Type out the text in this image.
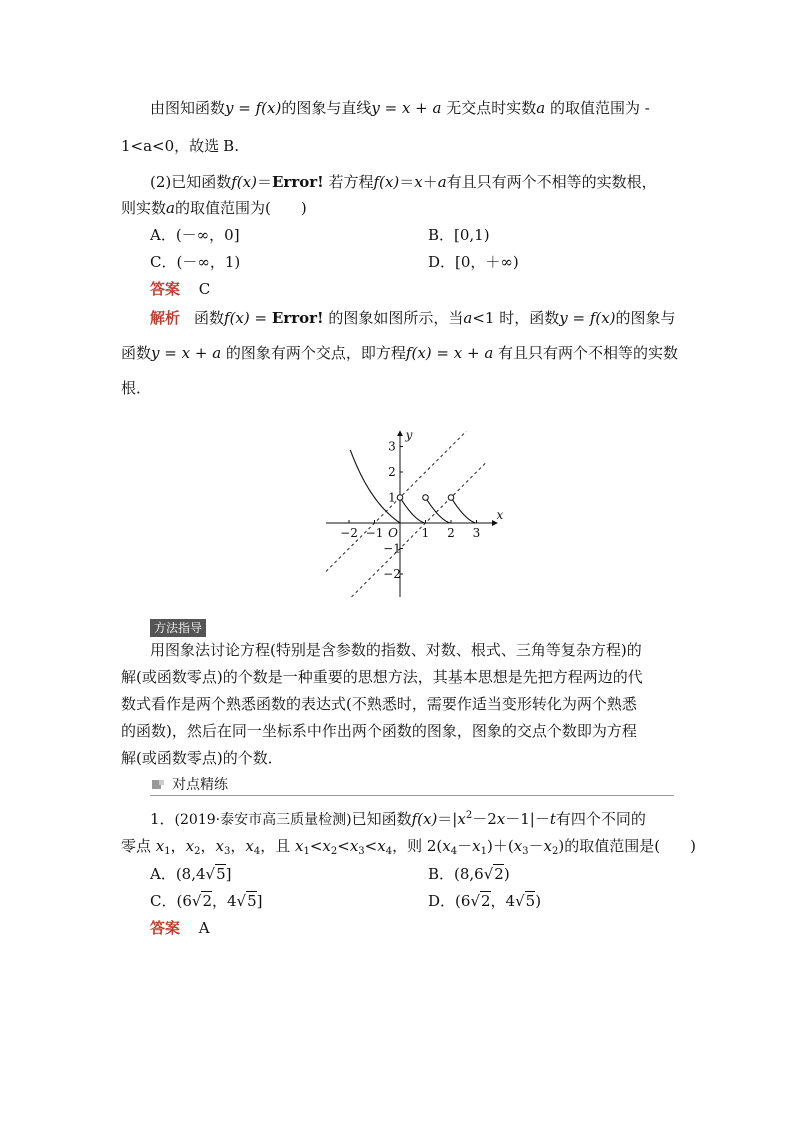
由图知函数y = f(x)的图象与直线y = x + a 无交点时实数a 的取值范围为 -
1<a<0，故选 B.
(2)已知函数f(x)＝Error! 若方程f(x)＝x＋a有且只有两个不相等的实数根，
则实数a的取值范围为(　　)
A．(－∞，0]	B．[0,1)
C．(－∞，1)	D．[0，＋∞)
答案 C
解析 函数f(x) = Error! 的图象如图所示，当a<1 时，函数y = f(x)的图象与
函数y = x + a 的图象有两个交点，即方程f(x) = x + a 有且只有两个不相等的实数
根．
−2 −1	1 2 3
3
2
1
−1
−2
O
x
y
方法指导
用图象法讨论方程(特别是含参数的指数、对数、根式、三角等复杂方程)的
解(或函数零点)的个数是一种重要的思想方法，其基本思想是先把方程两边的代
数式看作是两个熟悉函数的表达式(不熟悉时，需要作适当变形转化为两个熟悉
的函数)，然后在同一坐标系中作出两个函数的图象，图象的交点个数即为方程
解(或函数零点)的个数．
对点精练
1．(2019·泰安市高三质量检测)已知函数$f(x)=|x^2-2x-1|-t$有四个不同的
零点 $x_1$，$x_2$，$x_3$，$x_4$，且 $x_1<x_2<x_3<x_4$，则 $2(x_4-x_1)+(x_3-x_2)$的取值范围是(　　)
A．(8,4√5]	B．(8,6√2)
C．(6√2，4√5]	D．(6√2，4√5)
答案 A
